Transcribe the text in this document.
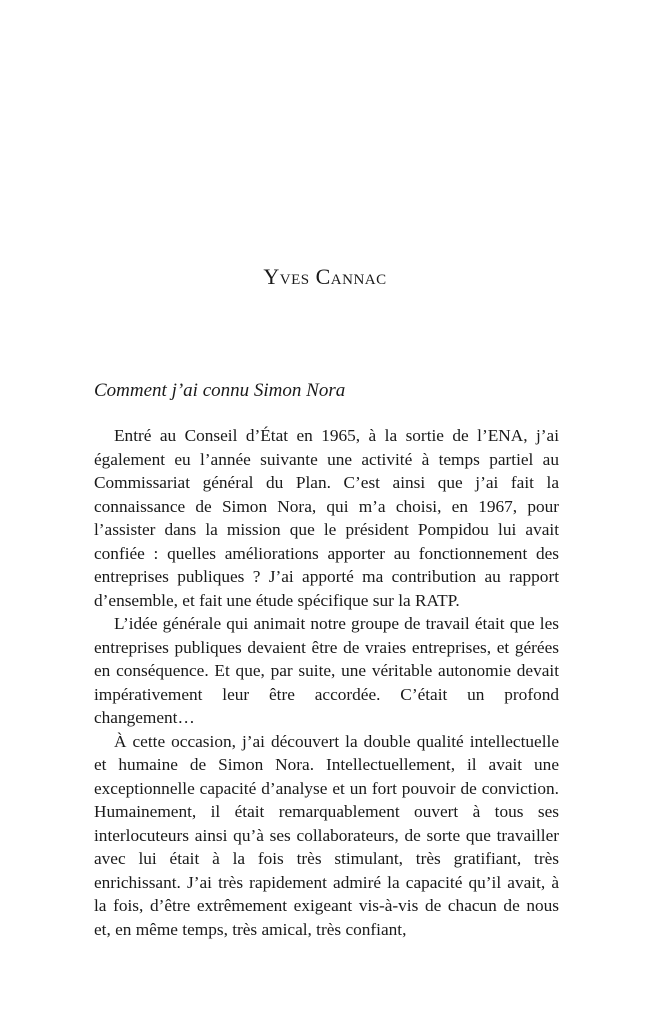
Yves Cannac
Comment j’ai connu Simon Nora

Entré au Conseil d’État en 1965, à la sortie de l’ENA, j’ai également eu l’année suivante une activité à temps partiel au Commissariat général du Plan. C’est ainsi que j’ai fait la connaissance de Simon Nora, qui m’a choisi, en 1967, pour l’assister dans la mission que le président Pompidou lui avait confiée : quelles améliorations apporter au fonctionnement des entreprises publiques ? J’ai apporté ma contribution au rapport d’ensemble, et fait une étude spécifique sur la RATP.

L’idée générale qui animait notre groupe de travail était que les entreprises publiques devaient être de vraies entreprises, et gérées en conséquence. Et que, par suite, une véritable autonomie devait impérativement leur être accordée. C’était un profond changement…

À cette occasion, j’ai découvert la double qualité intellectuelle et humaine de Simon Nora. Intellectuellement, il avait une exceptionnelle capacité d’analyse et un fort pouvoir de conviction. Humainement, il était remarquablement ouvert à tous ses interlocuteurs ainsi qu’à ses collaborateurs, de sorte que travailler avec lui était à la fois très stimulant, très gratifiant, très enrichissant. J’ai très rapidement admiré la capacité qu’il avait, à la fois, d’être extrêmement exigeant vis-à-vis de chacun de nous et, en même temps, très amical, très confiant,
